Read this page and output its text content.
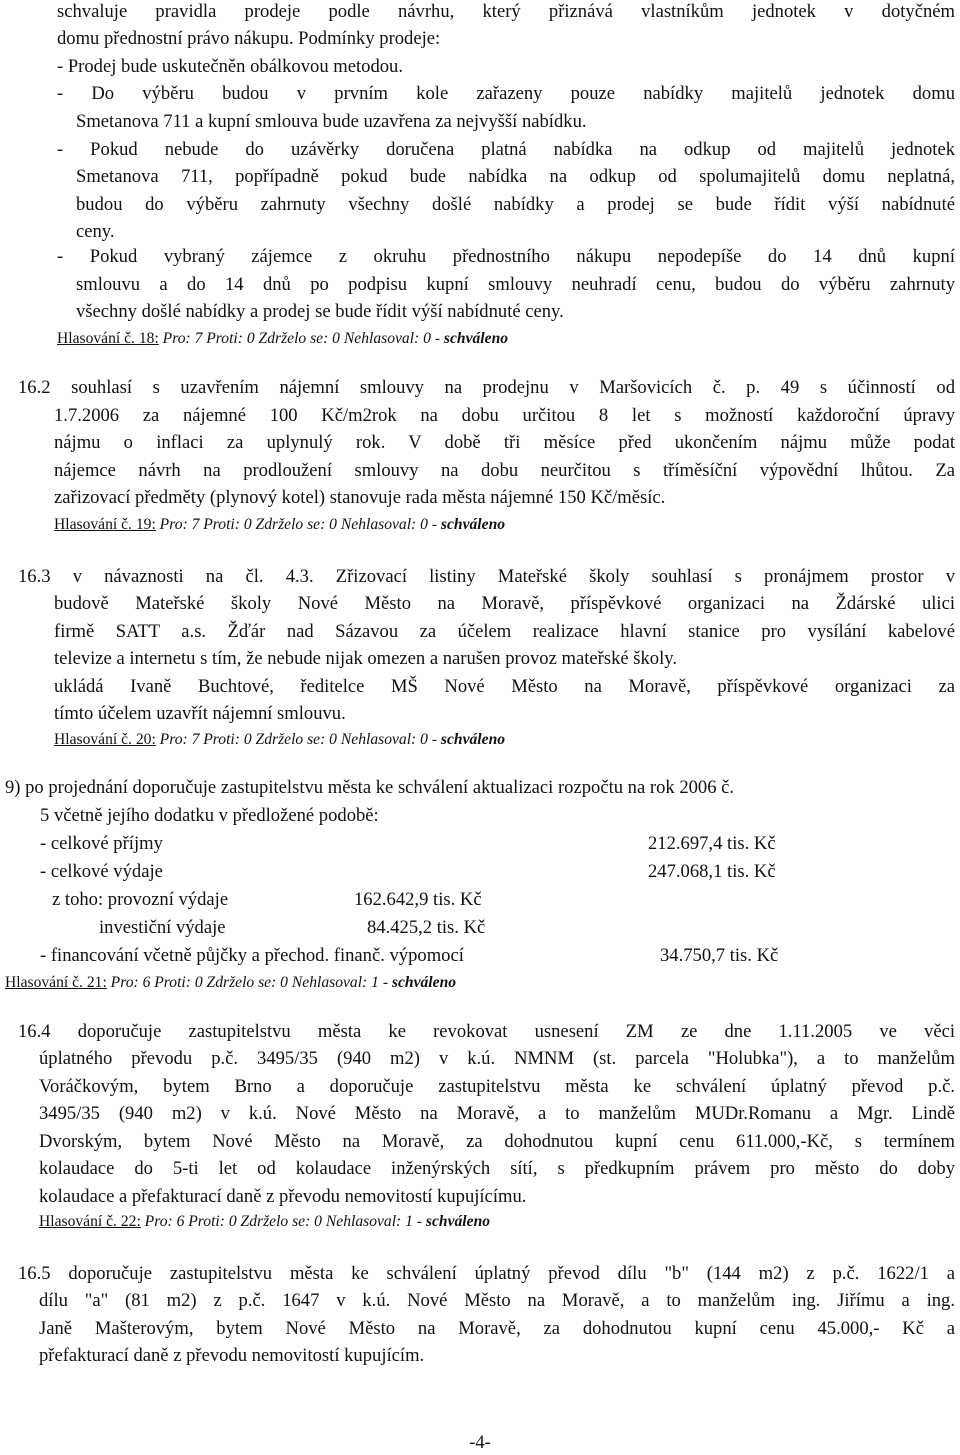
schvaluje pravidla prodeje podle návrhu, který přiznává vlastníkům jednotek v dotyčném
domu přednostní právo nákupu. Podmínky prodeje:
- Prodej bude uskutečněn obálkovou metodou.
- Do výběru budou v prvním kole zařazeny pouze nabídky majitelů jednotek domu
Smetanova 711 a kupní smlouva bude uzavřena za nejvyšší nabídku.
- Pokud nebude do uzávěrky doručena platná nabídka na odkup od majitelů jednotek
Smetanova 711, popřípadně pokud bude nabídka na odkup od spolumajitelů domu neplatná,
budou do výběru zahrnuty všechny došlé nabídky a prodej se bude řídit výší nabídnuté
ceny.
- Pokud vybraný zájemce z okruhu přednostního nákupu nepodepíše do 14 dnů kupní
smlouvu a do 14 dnů po podpisu kupní smlouvy neuhradí cenu, budou do výběru zahrnuty
všechny došlé nabídky a prodej se bude řídit výší nabídnuté ceny.
Hlasování č. 18: Pro: 7 Proti: 0 Zdrželo se: 0 Nehlasoval: 0 - schváleno
16.2 souhlasí s uzavřením nájemní smlouvy na prodejnu v Maršovicích č. p. 49 s účinností od
1.7.2006 za nájemné 100 Kč/m2rok na dobu určitou 8 let s možností každoroční úpravy
nájmu o inflaci za uplynulý rok. V době tři měsíce před ukončením nájmu může podat
nájemce návrh na prodloužení smlouvy na dobu neurčitou s tříměsíční výpovědní lhůtou. Za
zařizovací předměty (plynový kotel) stanovuje rada města nájemné 150 Kč/měsíc.
Hlasování č. 19: Pro: 7 Proti: 0 Zdrželo se: 0 Nehlasoval: 0 - schváleno
16.3 v návaznosti na čl. 4.3. Zřizovací listiny Mateřské školy souhlasí s pronájmem prostor v
budově Mateřské školy Nové Město na Moravě, příspěvkové organizaci na Ždárské ulici
firmě SATT a.s. Žďár nad Sázavou za účelem realizace hlavní stanice pro vysílání kabelové
televize a internetu s tím, že nebude nijak omezen a narušen provoz mateřské školy.
ukládá Ivaně Buchtové, ředitelce MŠ Nové Město na Moravě, příspěvkové organizaci za
tímto účelem uzavřít nájemní smlouvu.
Hlasování č. 20: Pro: 7 Proti: 0 Zdrželo se: 0 Nehlasoval: 0 - schváleno
9) po projednání doporučuje zastupitelstvu města ke schválení aktualizaci rozpočtu na rok 2006 č.
5 včetně jejího dodatku v předložené podobě:
- celkové příjmy	212.697,4 tis. Kč
- celkové výdaje	247.068,1 tis. Kč
z toho: provozní výdaje	162.642,9 tis. Kč
investiční výdaje	84.425,2 tis. Kč
- financování včetně půjčky a přechod. finanč. výpomocí	34.750,7 tis. Kč
Hlasování č. 21: Pro: 6 Proti: 0 Zdrželo se: 0 Nehlasoval: 1 - schváleno
16.4 doporučuje zastupitelstvu města ke revokovat usnesení ZM ze dne 1.11.2005 ve věci
úplatného převodu p.č. 3495/35 (940 m2) v k.ú. NMNM (st. parcela "Holubka"), a to manželům
Voráčkovým, bytem Brno a doporučuje zastupitelstvu města ke schválení úplatný převod p.č.
3495/35 (940 m2) v k.ú. Nové Město na Moravě, a to manželům MUDr.Romanu a Mgr. Lindě
Dvorským, bytem Nové Město na Moravě, za dohodnutou kupní cenu 611.000,-Kč, s termínem
kolaudace do 5-ti let od kolaudace inženýrských sítí, s předkupním právem pro město do doby
kolaudace a přefakturací daně z převodu nemovitostí kupujícímu.
Hlasování č. 22: Pro: 6 Proti: 0 Zdrželo se: 0 Nehlasoval: 1 - schváleno
16.5 doporučuje zastupitelstvu města ke schválení úplatný převod dílu "b" (144 m2) z p.č. 1622/1 a
dílu "a" (81 m2) z p.č. 1647 v k.ú. Nové Město na Moravě, a to manželům ing. Jiřímu a ing.
Janě Mašterovým, bytem Nové Město na Moravě, za dohodnutou kupní cenu 45.000,- Kč a
přefakturací daně z převodu nemovitostí kupujícím.
-4-
